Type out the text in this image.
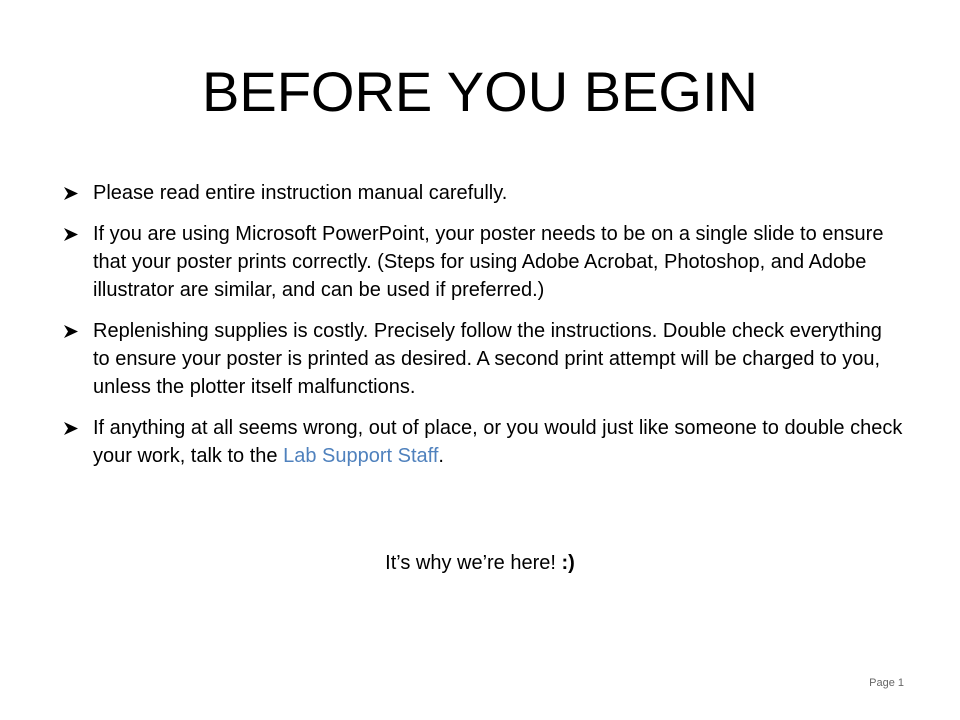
BEFORE YOU BEGIN
Please read entire instruction manual carefully.
If you are using Microsoft PowerPoint, your poster needs to be on a single slide to ensure that your poster prints correctly. (Steps for using Adobe Acrobat, Photoshop, and Adobe illustrator are similar, and can be used if preferred.)
Replenishing supplies is costly. Precisely follow the instructions. Double check everything to ensure your poster is printed as desired. A second print attempt will be charged to you, unless the plotter itself malfunctions.
If anything at all seems wrong, out of place, or you would just like someone to double check your work, talk to the Lab Support Staff.
It’s why we’re here! :)
Page 1
